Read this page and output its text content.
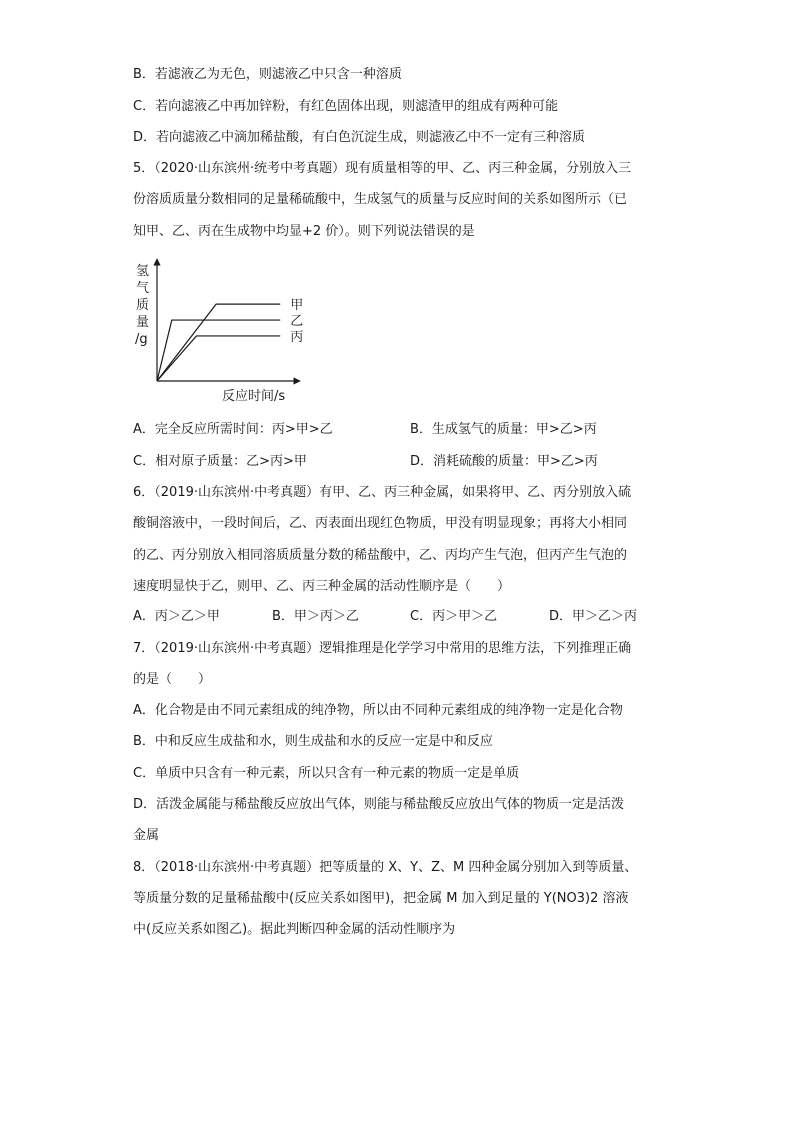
B．若滤液乙为无色，则滤液乙中只含一种溶质
C．若向滤液乙中再加锌粉，有红色固体出现，则滤渣甲的组成有两种可能
D．若向滤液乙中滴加稀盐酸，有白色沉淀生成，则滤液乙中不一定有三种溶质
5．（2020·山东滨州·统考中考真题）现有质量相等的甲、乙、丙三种金属，分别放入三
份溶质质量分数相同的足量稀硫酸中，生成氢气的质量与反应时间的关系如图所示（已
知甲、乙、丙在生成物中均显+2 价）。则下列说法错误的是
氢
气
质
量
/g
反应时间/s
甲
乙
丙
A．完全反应所需时间：丙>甲>乙	B．生成氢气的质量：甲>乙>丙
C．相对原子质量：乙>丙>甲	D．消耗硫酸的质量：甲>乙>丙
6．（2019·山东滨州·中考真题）有甲、乙、丙三种金属，如果将甲、乙、丙分别放入硫
酸铜溶液中，一段时间后，乙、丙表面出现红色物质，甲没有明显现象；再将大小相同
的乙、丙分别放入相同溶质质量分数的稀盐酸中，乙、丙均产生气泡，但丙产生气泡的
速度明显快于乙，则甲、乙、丙三种金属的活动性顺序是（　　）
A．丙＞乙＞甲	B．甲＞丙＞乙	C．丙＞甲＞乙	D．甲＞乙＞丙
7．（2019·山东滨州·中考真题）逻辑推理是化学学习中常用的思维方法，下列推理正确
的是（　　）
A．化合物是由不同元素组成的纯净物，所以由不同种元素组成的纯净物一定是化合物
B．中和反应生成盐和水，则生成盐和水的反应一定是中和反应
C．单质中只含有一种元素，所以只含有一种元素的物质一定是单质
D．活泼金属能与稀盐酸反应放出气体，则能与稀盐酸反应放出气体的物质一定是活泼
金属
8．（2018·山东滨州·中考真题）把等质量的 X、Y、Z、M 四种金属分别加入到等质量、
等质量分数的足量稀盐酸中(反应关系如图甲)，把金属 M 加入到足量的 Y(NO3)2 溶液
中(反应关系如图乙)。据此判断四种金属的活动性顺序为
